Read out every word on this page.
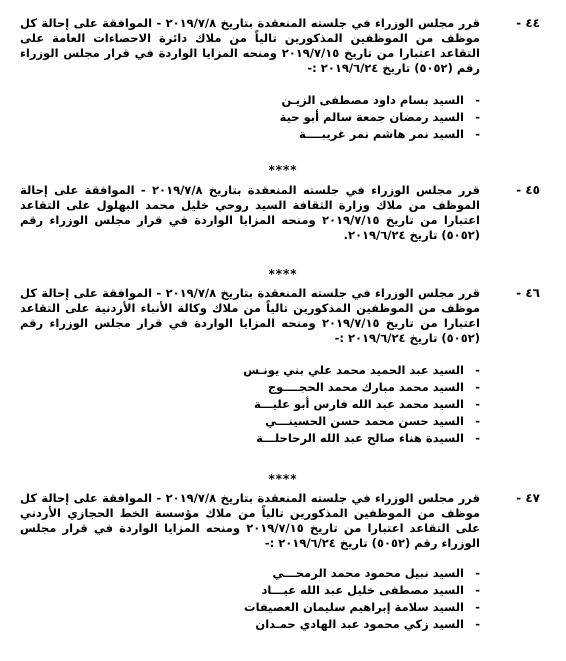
٤٤ -
قرر مجلس الوزراء في جلسته المنعقدة بتاريخ ٢٠١٩/٧/٨ - الموافقة على إحالة كل موظف من الموظفين المذكورين تالياً من ملاك دائرة الاحصاءات العامة على التقاعد اعتبارا من تاريخ ٢٠١٩/٧/١٥ ومنحه المزايا الواردة في قرار مجلس الوزراء رقم (٥٠٥٢) تاريخ ٢٠١٩/٦/٢٤ :-
-السيد بسام داود مصطفى الزيـن
-السيد رمضان جمعة سالم أبو حية
-السيد نمر هاشم نمر غريبــــة
****
٤٥ -
قرر مجلس الوزراء في جلسته المنعقدة بتاريخ ٢٠١٩/٧/٨ - الموافقة على إحالة الموظف من ملاك وزارة الثقافة السيد روحي خليل محمد البهلول على التقاعد اعتبارا من تاريخ ٢٠١٩/٧/١٥ ومنحه المزايا الواردة في قرار مجلس الوزراء رقم (٥٠٥٢) تاريخ ٢٠١٩/٦/٢٤.
****
٤٦ -
قرر مجلس الوزراء في جلسته المنعقدة بتاريخ ٢٠١٩/٧/٨ - الموافقة على إحالة كل موظف من الموظفين المذكورين تالياً من ملاك وكالة الأنباء الأردنية على التقاعد اعتبارا من تاريخ ٢٠١٩/٧/١٥ ومنحه المزايا الواردة في قرار مجلس الوزراء رقم (٥٠٥٢) تاريخ ٢٠١٩/٦/٢٤ :-
-السيد عبد الحميد محمد علي بني يونـس
-السيد محمد مبارك محمد الحجــــوج
-السيد محمد عبد الله فارس أبو عليـــة
-السيد حسن محمد حسن الحسينـــي
-السيدة هناء صالح عبد الله الرحاحلـــة
****
٤٧ -
قرر مجلس الوزراء في جلسته المنعقدة بتاريخ ٢٠١٩/٧/٨ - الموافقة على إحالة كل موظف من الموظفين المذكورين تالياً من ملاك مؤسسة الخط الحجازي الأردني على التقاعد اعتبارا من تاريخ ٢٠١٩/٧/١٥ ومنحه المزايا الواردة في قرار مجلس الوزراء رقم (٥٠٥٢) تاريخ ٢٠١٩/٦/٢٤ :-
-السيد نبيل محمود محمد الرمحـــي
-السيد مصطفى خليل عبد الله عيـــاد
-السيد سلامة إبراهيم سليمان العصيفات
-السيد زكي محمود عبد الهادي حمـدان
